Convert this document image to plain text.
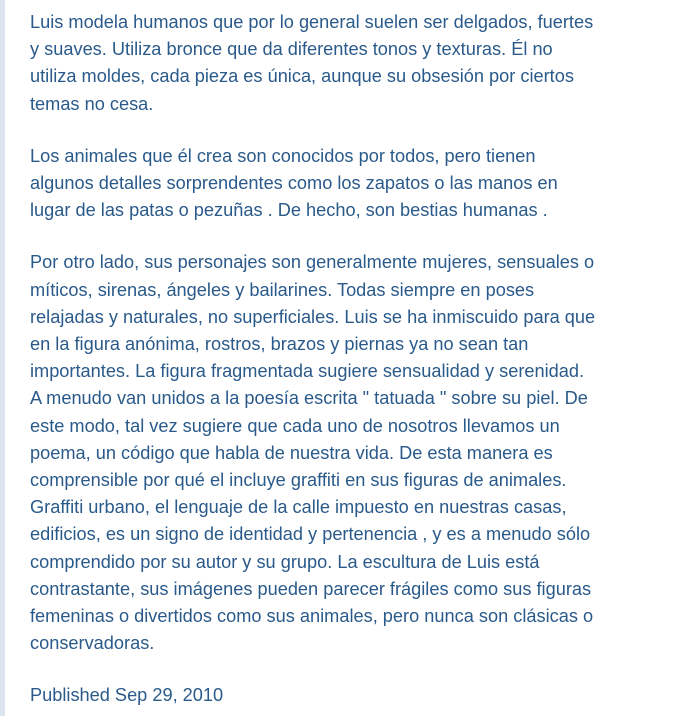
Luis modela humanos que por lo general suelen ser delgados, fuertes
y suaves. Utiliza bronce que da diferentes tonos y texturas. Él no
utiliza moldes, cada pieza es única, aunque su obsesión por ciertos
temas no cesa.

Los animales que él crea son conocidos por todos, pero tienen
algunos detalles sorprendentes como los zapatos o las manos en
lugar de las patas o pezuñas . De hecho, son bestias humanas .

Por otro lado, sus personajes son generalmente mujeres, sensuales o
míticos, sirenas, ángeles y bailarines. Todas siempre en poses
relajadas y naturales, no superficiales. Luis se ha inmiscuido para que
en la figura anónima, rostros, brazos y piernas ya no sean tan
importantes. La figura fragmentada sugiere sensualidad y serenidad.
A menudo van unidos a la poesía escrita " tatuada " sobre su piel. De
este modo, tal vez sugiere que cada uno de nosotros llevamos un
poema, un código que habla de nuestra vida. De esta manera es
comprensible por qué el incluye graffiti en sus figuras de animales.
Graffiti urbano, el lenguaje de la calle impuesto en nuestras casas,
edificios, es un signo de identidad y pertenencia , y es a menudo sólo
comprendido por su autor y su grupo. La escultura de Luis está
contrastante, sus imágenes pueden parecer frágiles como sus figuras
femeninas o divertidos como sus animales, pero nunca son clásicas o
conservadoras.

Published Sep 29, 2010
